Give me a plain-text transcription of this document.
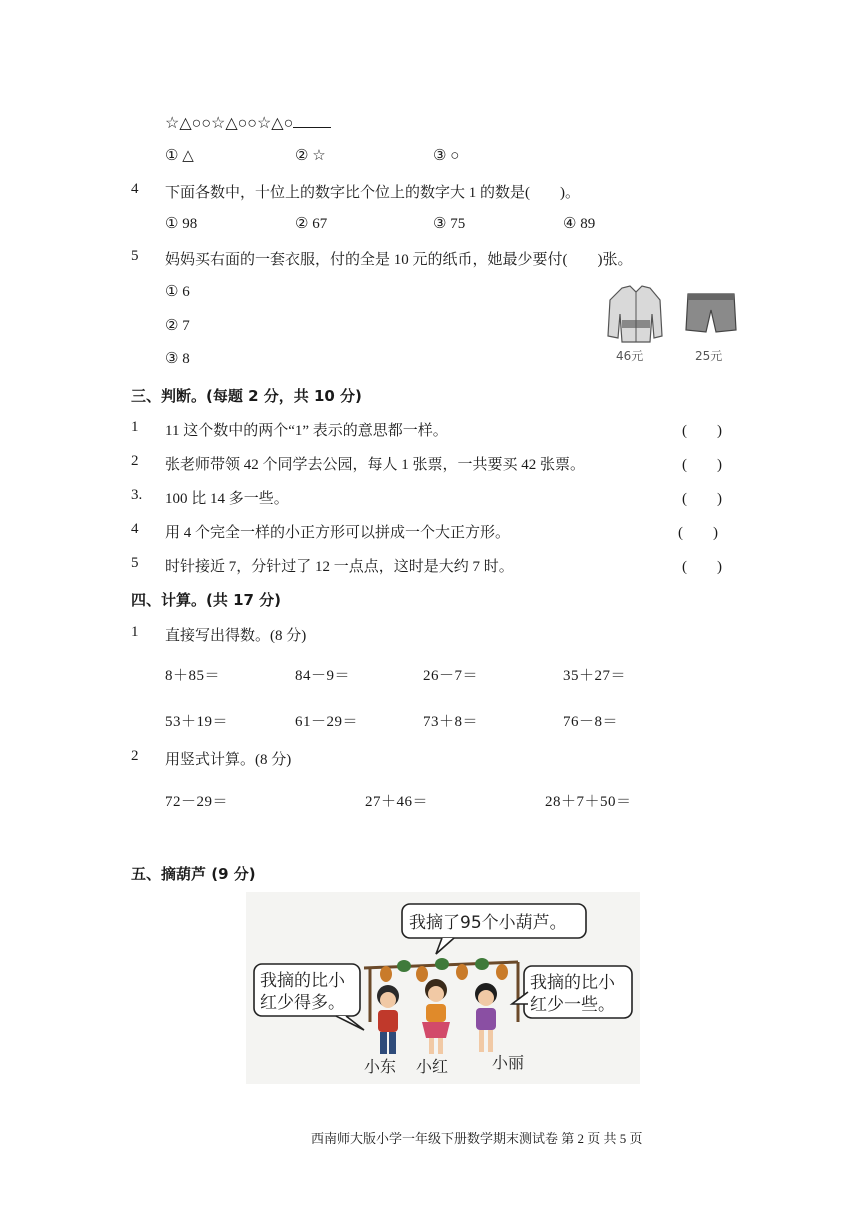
☆△○○☆△○○☆△○
① △	② ☆	③ ○
4 下面各数中，十位上的数字比个位上的数字大 1 的数是(　　)。
① 98	② 67	③ 75	④ 89
5 妈妈买右面的一套衣服，付的全是 10 元的纸币，她最少要付(　　)张。
① 6
② 7
③ 8	46元	25元
三、判断。(每题 2 分，共 10 分)
1 11 这个数中的两个“1” 表示的意思都一样。	(　　)
2 张老师带领 42 个同学去公园，每人 1 张票，一共要买 42 张票。	(　　)
3. 100 比 14 多一些。	(　　)
4 用 4 个完全一样的小正方形可以拼成一个大正方形。	(　　)
5 时针接近 7，分针过了 12 一点点，这时是大约 7 时。	(　　)
四、计算。(共 17 分)
1 直接写出得数。(8 分)
8＋85＝	84－9＝	26－7＝	35＋27＝
53＋19＝	61－29＝	73＋8＝	76－8＝
2 用竖式计算。(8 分)
72－29＝	27＋46＝	28＋7＋50＝
五、摘葫芦 (9 分)
我摘了95个小葫芦。
我摘的比小
红少得多。
我摘的比小
红少一些。
小东 小红	小丽
西南师大版小学一年级下册数学期末测试卷 第 2 页 共 5 页
